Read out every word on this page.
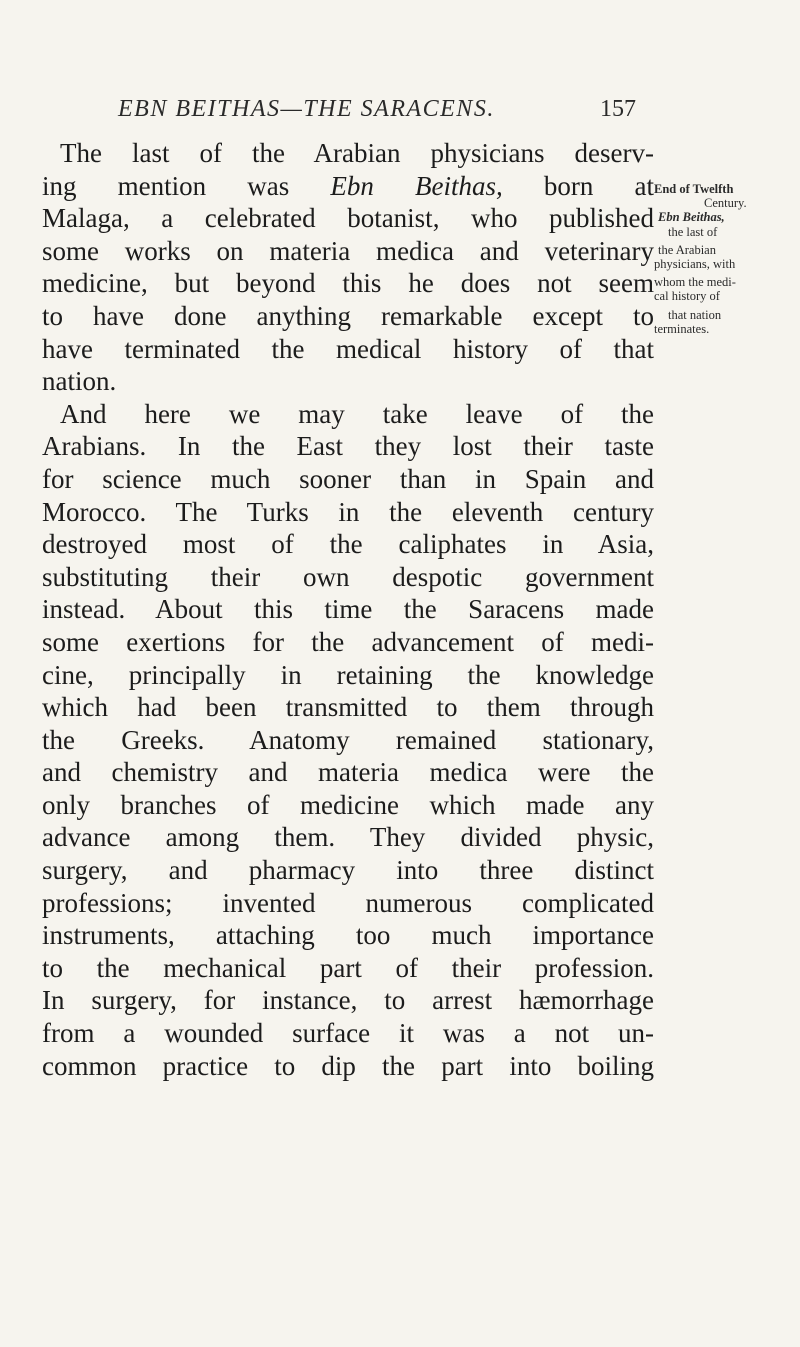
EBN BEITHAS—THE SARACENS.	157
The last of the Arabian physicians deserv-
ing mention was Ebn Beithas, born at
Malaga, a celebrated botanist, who published
some works on materia medica and veterinary
medicine, but beyond this he does not seem
to have done anything remarkable except to
have terminated the medical history of that
nation.
And here we may take leave of the
Arabians. In the East they lost their taste
for science much sooner than in Spain and
Morocco. The Turks in the eleventh century
destroyed most of the caliphates in Asia,
substituting their own despotic government
instead. About this time the Saracens made
some exertions for the advancement of medi-
cine, principally in retaining the knowledge
which had been transmitted to them through
the Greeks. Anatomy remained stationary,
and chemistry and materia medica were the
only branches of medicine which made any
advance among them. They divided physic,
surgery, and pharmacy into three distinct
professions; invented numerous complicated
instruments, attaching too much importance
to the mechanical part of their profession.
In surgery, for instance, to arrest hæmorrhage
from a wounded surface it was a not un-
common practice to dip the part into boiling
End of Twelfth
Century.
Ebn Beithas,
the last of
the Arabian
physicians, with
whom the medi-
cal history of
that nation
terminates.
